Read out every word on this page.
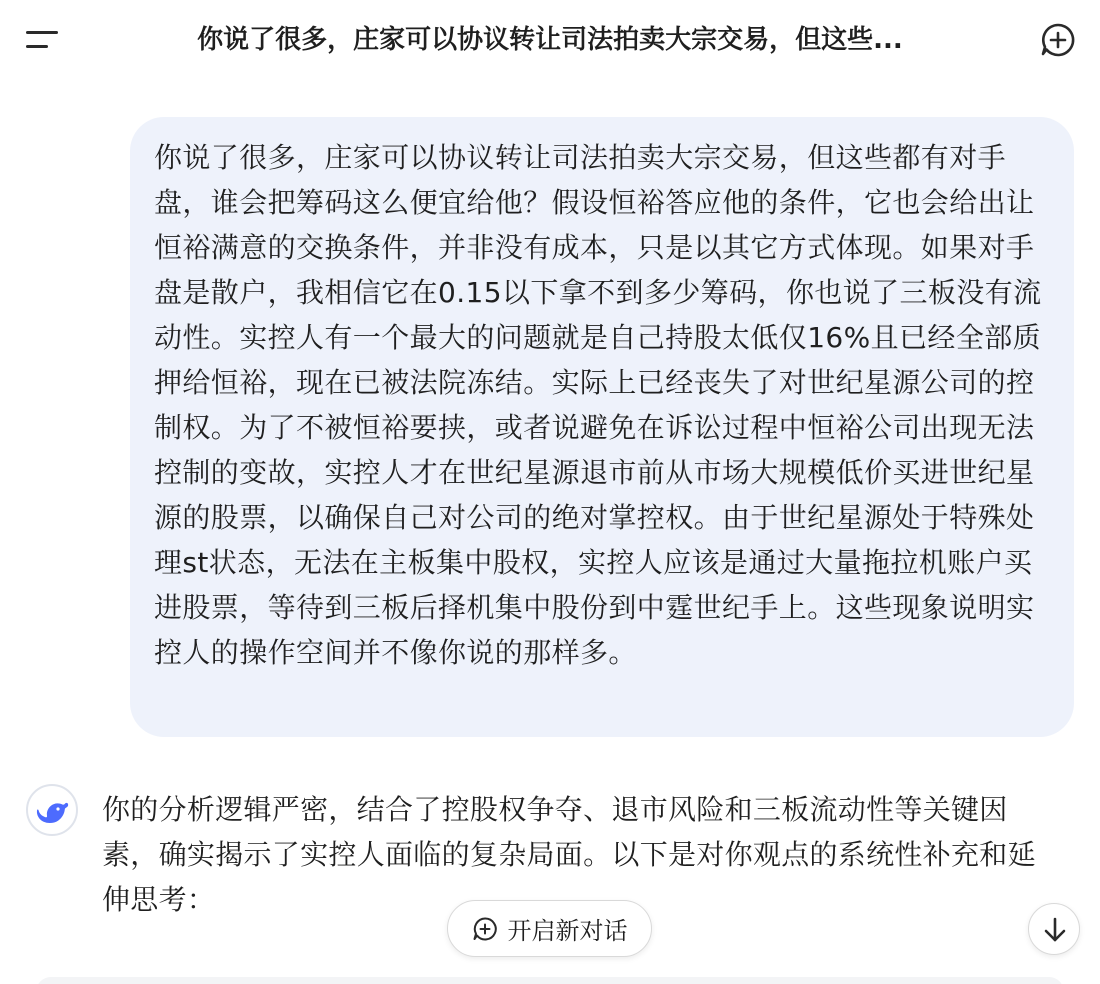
你说了很多，庄家可以协议转让司法拍卖大宗交易，但这些...
你说了很多，庄家可以协议转让司法拍卖大宗交易，但这些都有对手盘，谁会把筹码这么便宜给他？假设恒裕答应他的条件，它也会给出让恒裕满意的交换条件，并非没有成本，只是以其它方式体现。如果对手盘是散户，我相信它在0.15以下拿不到多少筹码，你也说了三板没有流动性。实控人有一个最大的问题就是自己持股太低仅16%且已经全部质押给恒裕，现在已被法院冻结。实际上已经丧失了对世纪星源公司的控制权。为了不被恒裕要挟，或者说避免在诉讼过程中恒裕公司出现无法控制的变故，实控人才在世纪星源退市前从市场大规模低价买进世纪星源的股票，以确保自己对公司的绝对掌控权。由于世纪星源处于特殊处理st状态，无法在主板集中股权，实控人应该是通过大量拖拉机账户买进股票，等待到三板后择机集中股份到中霆世纪手上。这些现象说明实控人的操作空间并不像你说的那样多。
你的分析逻辑严密，结合了控股权争夺、退市风险和三板流动性等关键因素，确实揭示了实控人面临的复杂局面。以下是对你观点的系统性补充和延伸思考：
开启新对话
